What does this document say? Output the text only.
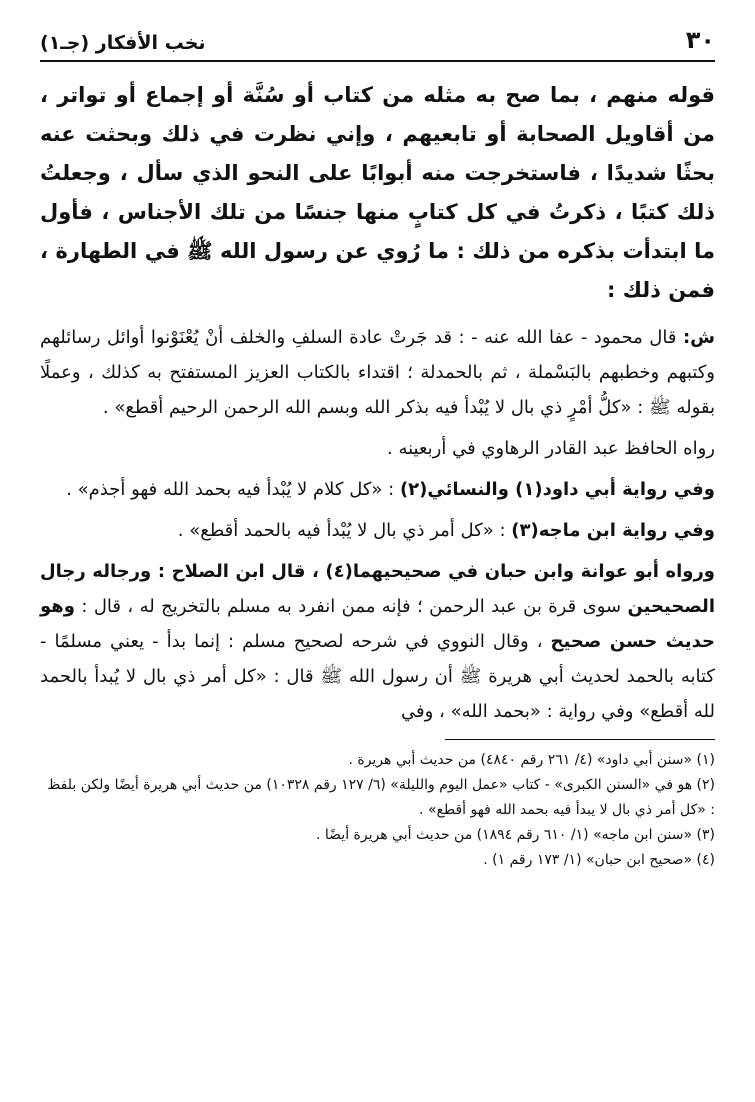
٣٠
نخب الأفكار (جـ١)

قوله منهم ، بما صح به مثله من كتاب أو سُنَّة أو إجماع أو تواتر ، من أقاويل الصحابة أو تابعيهم ، وإني نظرت في ذلك وبحثت عنه بحثًا شديدًا ، فاستخرجت منه أبوابًا على النحو الذي سأل ، وجعلتُ ذلك كتبًا ، ذكرتُ في كل كتابٍ منها جنسًا من تلك الأجناس ، فأول ما ابتدأت بذكره من ذلك : ما رُوي عن رسول الله ﷺ في الطهارة ، فمن ذلك :

ش: قال محمود - عفا الله عنه - : قد جَرتْ عادة السلفِ والخلف أنْ يُعْنَوْنوا أوائل رسائلهم وكتبهم وخطبهم بالبَسْملة ، ثم بالحمدلة ؛ اقتداء بالكتاب العزيز المستفتح به كذلك ، وعملًا بقوله ﷺ : «كلُّ أمْرٍ ذي بال لا يُبْدأ فيه بذكر الله وبسم الله الرحمن الرحيم أقطع» .

رواه الحافظ عبد القادر الرهاوي في أربعينه .

وفي رواية أبي داود(١) والنسائي(٢) : «كل كلام لا يُبْدأ فيه بحمد الله فهو أجذم» .

وفي رواية ابن ماجه(٣) : «كل أمر ذي بال لا يُبْدأ فيه بالحمد أقطع» .

ورواه أبو عوانة وابن حبان في صحيحيهما(٤) ، قال ابن الصلاح : ورجاله رجال الصحيحين سوى قرة بن عبد الرحمن ؛ فإنه ممن انفرد به مسلم بالتخريج له ، قال : وهو حديث حسن صحيح ، وقال النووي في شرحه لصحيح مسلم : إنما بدأ - يعني مسلمًا - كتابه بالحمد لحديث أبي هريرة ﷺ أن رسول الله ﷺ قال : «كل أمر ذي بال لا يُبدأ بالحمد لله أقطع» وفي رواية : «بحمد الله» ، وفي

(١) «سنن أبي داود» (٤/ ٢٦١ رقم ٤٨٤٠) من حديث أبي هريرة .

(٢) هو في «السنن الكبرى» - كتاب «عمل اليوم والليلة» (٦/ ١٢٧ رقم ١٠٣٢٨) من حديث أبي هريرة أيضًا ولكن بلفظ : «كل أمر ذي بال لا يبدأ فيه بحمد الله فهو أقطع» .

(٣) «سنن ابن ماجه» (١/ ٦١٠ رقم ١٨٩٤) من حديث أبي هريرة أيضًا .

(٤) «صحيح ابن حبان» (١/ ١٧٣ رقم ١) .
